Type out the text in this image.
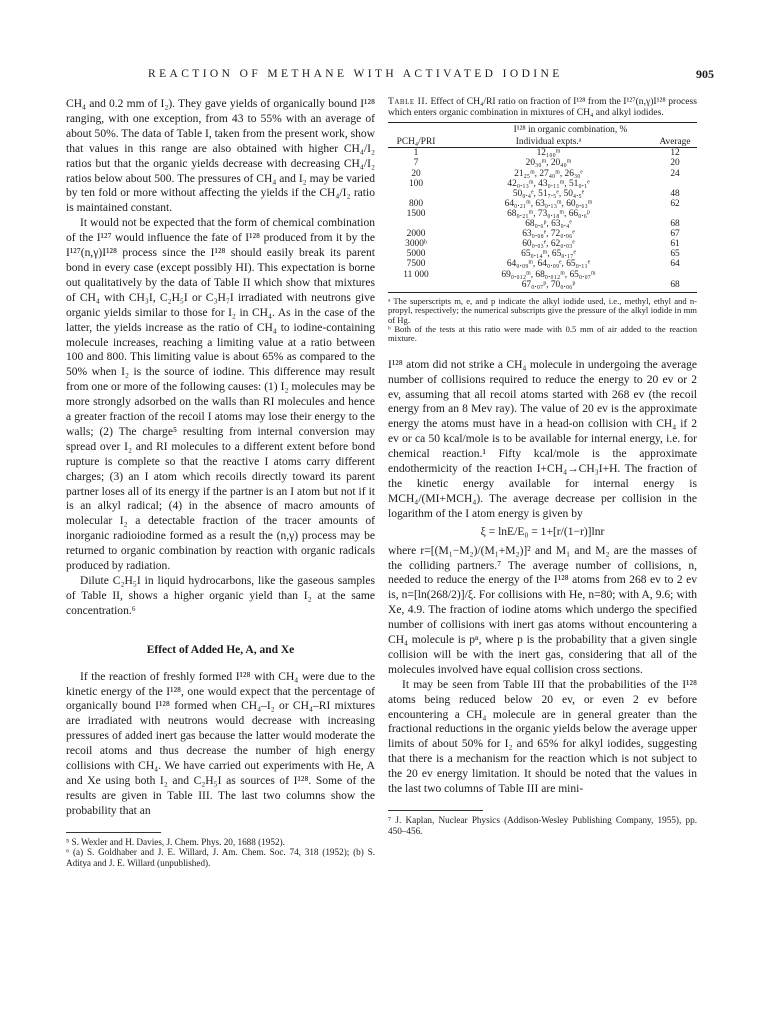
REACTION OF METHANE WITH ACTIVATED IODINE	905

CH₄ and 0.2 mm of I₂). They gave yields of organically bound I¹²⁸ ranging, with one exception, from 43 to 55% with an average of about 50%. The data of Table I, taken from the present work, show that values in this range are also obtained with higher CH₄/I₂ ratios but that the organic yields decrease with decreasing CH₄/I₂ ratios below about 500. The pressures of CH₄ and I₂ may be varied by ten fold or more without affecting the yields if the CH₄/I₂ ratio is maintained constant.

It would not be expected that the form of chemical combination of the I¹²⁷ would influence the fate of I¹²⁸ produced from it by the I¹²⁷(n,γ)I¹²⁸ process since the I¹²⁸ should easily break its parent bond in every case (except possibly HI). This expectation is borne out qualitatively by the data of Table II which show that mixtures of CH₄ with CH₃I, C₂H₅I or C₃H₇I irradiated with neutrons give organic yields similar to those for I₂ in CH₄. As in the case of the latter, the yields increase as the ratio of CH₄ to iodine-containing molecule increases, reaching a limiting value at a ratio between 100 and 800. This limiting value is about 65% as compared to the 50% when I₂ is the source of iodine. This difference may result from one or more of the following causes: (1) I₂ molecules may be more strongly adsorbed on the walls than RI molecules and hence a greater fraction of the recoil I atoms may lose their energy to the walls; (2) The charge⁵ resulting from internal conversion may spread over I₂ and RI molecules to a different extent before bond rupture is complete so that the reactive I atoms carry different charges; (3) an I atom which recoils directly toward its parent partner loses all of its energy if the partner is an I atom but not if it is an alkyl radical; (4) in the absence of macro amounts of molecular I₂ a detectable fraction of the tracer amounts of inorganic radioiodine formed as a result the (n,γ) process may be returned to organic combination by reaction with organic radicals produced by radiation.

Dilute C₂H₅I in liquid hydrocarbons, like the gaseous samples of Table II, shows a higher organic yield than I₂ at the same concentration.⁶

Effect of Added He, A, and Xe

If the reaction of freshly formed I¹²⁸ with CH₄ were due to the kinetic energy of the I¹²⁸, one would expect that the percentage of organically bound I¹²⁸ formed when CH₄–I₂ or CH₄–RI mixtures are irradiated with neutrons would decrease with increasing pressures of added inert gas because the latter would moderate the recoil atoms and thus decrease the number of high energy collisions with CH₄. We have carried out experiments with He, A and Xe using both I₂ and C₂H₅I as sources of I¹²⁸. Some of the results are given in Table III. The last two columns show the probability that an

⁵ S. Wexler and H. Davies, J. Chem. Phys. 20, 1688 (1952).

⁶ (a) S. Goldhaber and J. E. Willard, J. Am. Chem. Soc. 74, 318 (1952); (b) S. Aditya and J. E. Willard (unpublished).

Table II. Effect of CH₄/RI ratio on fraction of I¹²⁸ from the I¹²⁷(n,γ)I¹²⁸ process which enters organic combination in mixtures of CH₄ and alkyl iodides.
	I¹²⁸ in organic combination, %	
PCH₄/PRI	Individual expts.ᵃ	Average
1	12₁₀₀ᵐ	12
7	20₃₀ᵐ, 20₄₀ᵐ	20
20	21₂₅ᵐ, 27₄₀ᵐ, 26₃₀ᵉ	24
100	42₀.₁₃ᵐ, 43₀.₁₁ᵐ, 51₀.₁ᵉ	
	50₀.₄ᵉ, 51₇.₅ᵉ, 50₄.₅ᵉ	48
800	64₀.₂₁ᵐ, 63₀.₁₃ᵐ, 60₀.₆₃ᵐ	62
1500	68₀.₂₁ᵐ, 73₀.₁₈ᵐ, 66₀.₆ᵖ	
	68₀.₆ᵖ, 63₀.₄ᵉ	68
2000	63₀.₀₈ᵉ, 72₀.₀₆ᵉ	67
3000ᵇ	60₀.₀₃ᵉ, 62₀.₀₃ᵉ	61
5000	65₀.₁₄ᵐ, 65₀.₁₇ᵉ	65
7500	64₀.₀₉ᵐ, 64₀.₀₉ᵉ, 65₀.₁₁ᵉ	64
11 000	69₀.₀₁₂ᵐ, 68₀.₀₁₂ᵐ, 65₀.₀₇ᵐ	
	67₀.₀₇ᵖ, 70₀.₀₆ᵖ	68

ᵃ The superscripts m, e, and p indicate the alkyl iodide used, i.e., methyl, ethyl and n-propyl, respectively; the numerical subscripts give the pressure of the alkyl iodide in mm of Hg.

ᵇ Both of the tests at this ratio were made with 0.5 mm of air added to the reaction mixture.

I¹²⁸ atom did not strike a CH₄ molecule in undergoing the average number of collisions required to reduce the energy to 20 ev or 2 ev, assuming that all recoil atoms started with 268 ev (the recoil energy from an 8 Mev ray). The value of 20 ev is the approximate energy the atoms must have in a head-on collision with CH₄ if 2 ev or ca 50 kcal/mole is to be available for internal energy, i.e. for chemical reaction.¹ Fifty kcal/mole is the approximate endothermicity of the reaction I+CH₄→CH₃I+H. The fraction of the kinetic energy available for internal energy is MCH₄/(MI+MCH₄). The average decrease per collision in the logarithm of the I atom energy is given by

ξ = lnE/E₀ = 1+[r/(1−r)]lnr

where r=[(M₁−M₂)/(M₁+M₂)]² and M₁ and M₂ are the masses of the colliding partners.⁷ The average number of collisions, n, needed to reduce the energy of the I¹²⁸ atoms from 268 ev to 2 ev is, n=[ln(268/2)]/ξ. For collisions with He, n=80; with A, 9.6; with Xe, 4.9. The fraction of iodine atoms which undergo the specified number of collisions with inert gas atoms without encountering a CH₄ molecule is pⁿ, where p is the probability that a given single collision will be with the inert gas, considering that all of the molecules involved have equal collision cross sections.

It may be seen from Table III that the probabilities of the I¹²⁸ atoms being reduced below 20 ev, or even 2 ev before encountering a CH₄ molecule are in general greater than the fractional reductions in the organic yields below the average upper limits of about 50% for I₂ and 65% for alkyl iodides, suggesting that there is a mechanism for the reaction which is not subject to the 20 ev energy limitation. It should be noted that the values in the last two columns of Table III are mini-

⁷ J. Kaplan, Nuclear Physics (Addison-Wesley Publishing Company, 1955), pp. 450–456.
